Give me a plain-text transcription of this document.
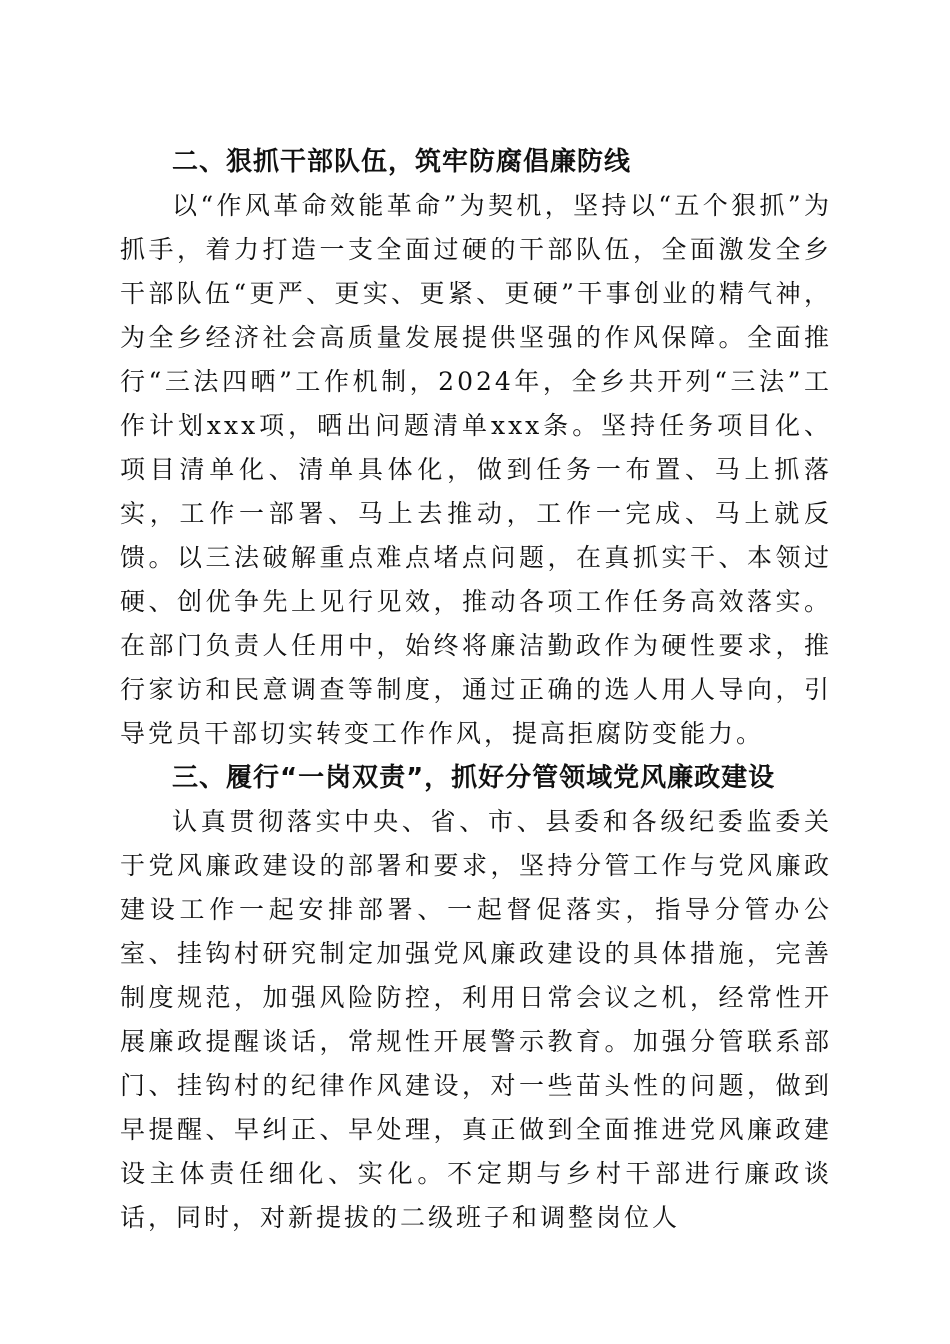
二、狠抓干部队伍，筑牢防腐倡廉防线

以“作风革命效能革命”为契机，坚持以“五个狠抓”为抓手，着力打造一支全面过硬的干部队伍，全面激发全乡干部队伍“更严、更实、更紧、更硬”干事创业的精气神，为全乡经济社会高质量发展提供坚强的作风保障。全面推行“三法四晒”工作机制，2024年，全乡共开列“三法”工作计划xxx项，晒出问题清单xxx条。坚持任务项目化、项目清单化、清单具体化，做到任务一布置、马上抓落实，工作一部署、马上去推动，工作一完成、马上就反馈。以三法破解重点难点堵点问题，在真抓实干、本领过硬、创优争先上见行见效，推动各项工作任务高效落实。在部门负责人任用中，始终将廉洁勤政作为硬性要求，推行家访和民意调查等制度，通过正确的选人用人导向，引导党员干部切实转变工作作风，提高拒腐防变能力。

三、履行“一岗双责”，抓好分管领域党风廉政建设

认真贯彻落实中央、省、市、县委和各级纪委监委关于党风廉政建设的部署和要求，坚持分管工作与党风廉政建设工作一起安排部署、一起督促落实，指导分管办公室、挂钩村研究制定加强党风廉政建设的具体措施，完善制度规范，加强风险防控，利用日常会议之机，经常性开展廉政提醒谈话，常规性开展警示教育。加强分管联系部门、挂钩村的纪律作风建设，对一些苗头性的问题，做到早提醒、早纠正、早处理，真正做到全面推进党风廉政建设主体责任细化、实化。不定期与乡村干部进行廉政谈话，同时，对新提拔的二级班子和调整岗位人
